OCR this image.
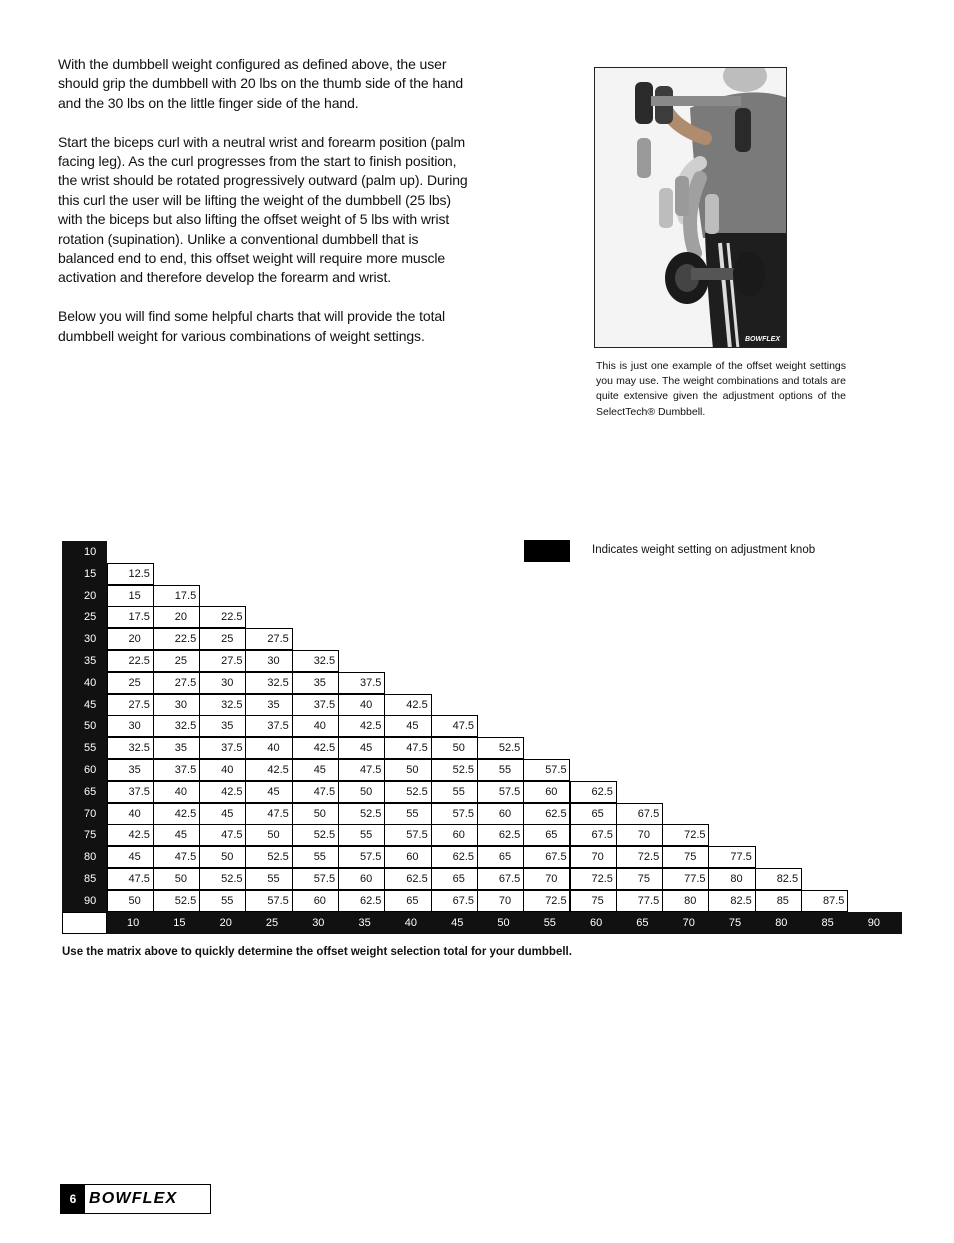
With the dumbbell weight configured as defined above, the user should grip the dumbbell with 20 lbs on the thumb side of the hand and the 30 lbs on the little finger side of the hand.

Start the biceps curl with a neutral wrist and forearm position (palm facing leg). As the curl progresses from the start to finish position, the wrist should be rotated progressively outward (palm up). During this curl the user will be lifting the weight of the dumbbell (25 lbs) with the biceps but also lifting the offset weight of 5 lbs with wrist rotation (supination). Unlike a conventional dumbbell that is balanced end to end, this offset weight will require more muscle activation and therefore develop the forearm and wrist.

Below you will find some helpful charts that will provide the total dumbbell weight for various combinations of weight settings.	BOWFLEX
This is just one example of the offset weight settings you may use. The weight combinations and totals are quite extensive given the adjustment options of the SelectTech® Dumbbell.
Indicates weight setting on adjustment knob
10
15	12.5
20	15	17.5
25	17.5	20	22.5
30	20	22.5	25	27.5
35	22.5	25	27.5	30	32.5
40	25	27.5	30	32.5	35	37.5
45	27.5	30	32.5	35	37.5	40	42.5
50	30	32.5	35	37.5	40	42.5	45	47.5
55	32.5	35	37.5	40	42.5	45	47.5	50	52.5
60	35	37.5	40	42.5	45	47.5	50	52.5	55	57.5
65	37.5	40	42.5	45	47.5	50	52.5	55	57.5	60	62.5
70	40	42.5	45	47.5	50	52.5	55	57.5	60	62.5	65	67.5
75	42.5	45	47.5	50	52.5	55	57.5	60	62.5	65	67.5	70	72.5
80	45	47.5	50	52.5	55	57.5	60	62.5	65	67.5	70	72.5	75	77.5
85	47.5	50	52.5	55	57.5	60	62.5	65	67.5	70	72.5	75	77.5	80	82.5
90	50	52.5	55	57.5	60	62.5	65	67.5	70	72.5	75	77.5	80	82.5	85	87.5
10	15	20	25	30	35	40	45	50	55	60	65	70	75	80	85	90
Use the matrix above to quickly determine the offset weight selection total for your dumbbell.
6 BOWFLEX
